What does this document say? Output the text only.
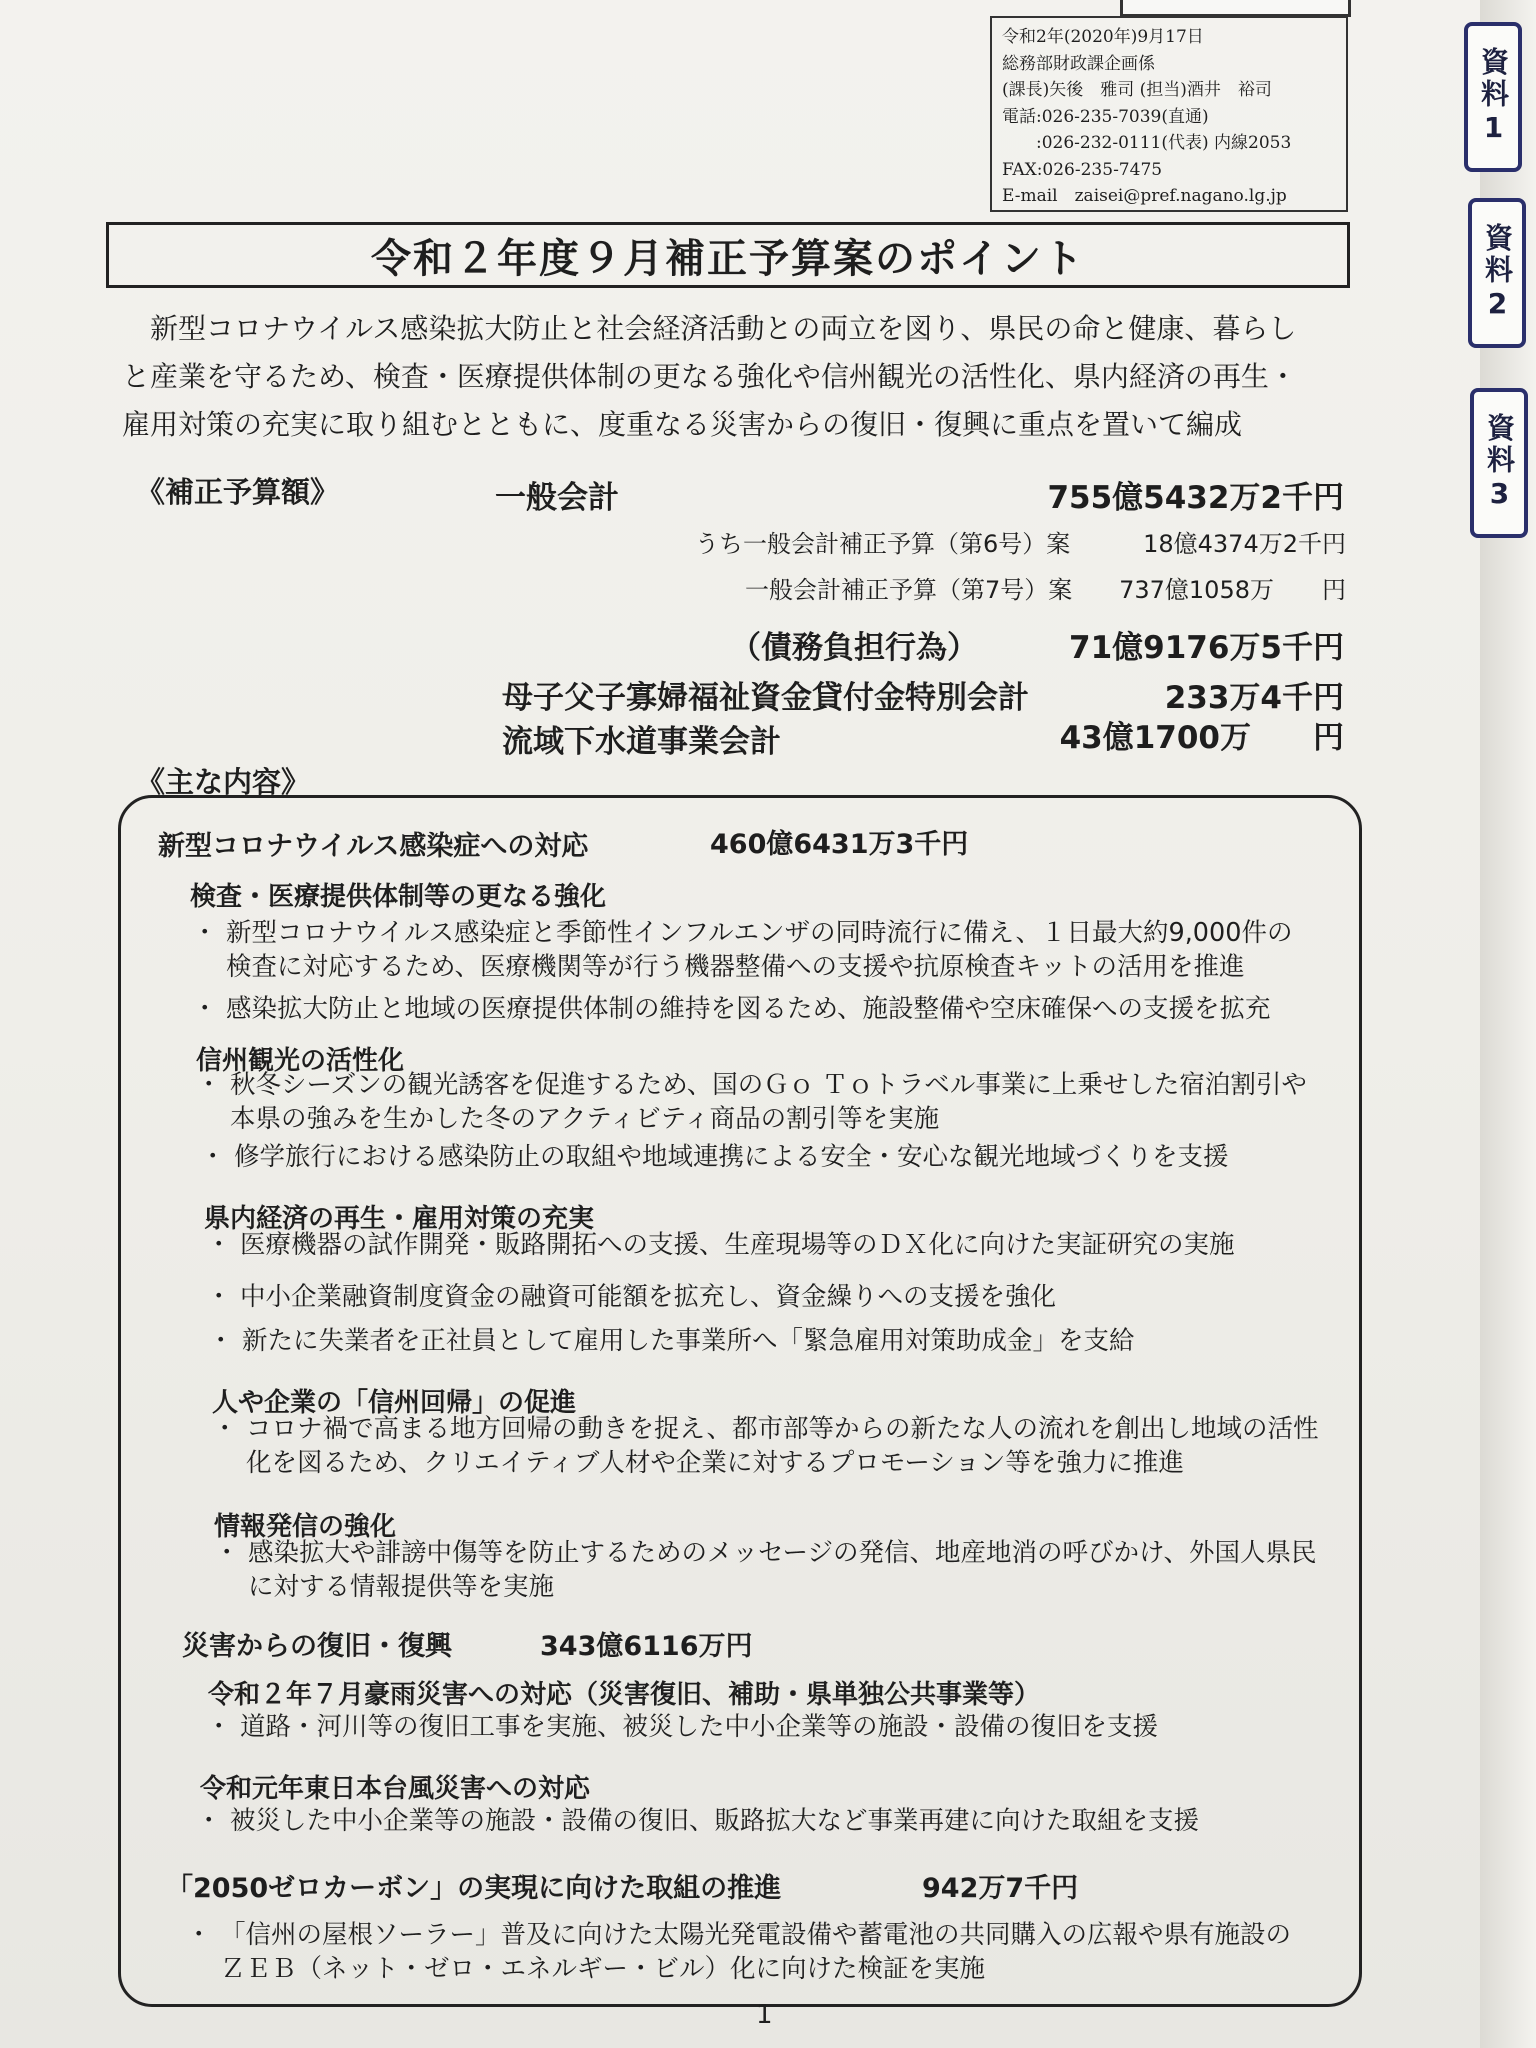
資料1
資料2
資料3
令和2年(2020年)9月17日
総務部財政課企画係
(課長)矢後　雅司 (担当)酒井　裕司
電話:026-235-7039(直通)
　　:026-232-0111(代表) 内線2053
FAX:026-235-7475
E-mail　zaisei@pref.nagano.lg.jp
令和２年度９月補正予算案のポイント

新型コロナウイルス感染拡大防止と社会経済活動との両立を図り、県民の命と健康、暮らし

と産業を守るため、検査・医療提供体制の更なる強化や信州観光の活性化、県内経済の再生・

雇用対策の充実に取り組むとともに、度重なる災害からの復旧・復興に重点を置いて編成

《補正予算額》	一般会計	755億5432万2千円
うち一般会計補正予算（第6号）案	18億4374万2千円
一般会計補正予算（第7号）案	737億1058万　　円
（債務負担行為）	71億9176万5千円
母子父子寡婦福祉資金貸付金特別会計	233万4千円
流域下水道事業会計	43億1700万　　円
《主な内容》
新型コロナウイルス感染症への対応	460億6431万3千円
検査・医療提供体制等の更なる強化
・ 新型コロナウイルス感染症と季節性インフルエンザの同時流行に備え、１日最大約9,000件の
検査に対応するため、医療機関等が行う機器整備への支援や抗原検査キットの活用を推進
・ 感染拡大防止と地域の医療提供体制の維持を図るため、施設整備や空床確保への支援を拡充
信州観光の活性化
・ 秋冬シーズンの観光誘客を促進するため、国のＧｏ Ｔｏトラベル事業に上乗せした宿泊割引や
本県の強みを生かした冬のアクティビティ商品の割引等を実施
・ 修学旅行における感染防止の取組や地域連携による安全・安心な観光地域づくりを支援
県内経済の再生・雇用対策の充実
・ 医療機器の試作開発・販路開拓への支援、生産現場等のＤＸ化に向けた実証研究の実施
・ 中小企業融資制度資金の融資可能額を拡充し、資金繰りへの支援を強化
・ 新たに失業者を正社員として雇用した事業所へ「緊急雇用対策助成金」を支給
人や企業の「信州回帰」の促進
・ コロナ禍で高まる地方回帰の動きを捉え、都市部等からの新たな人の流れを創出し地域の活性
化を図るため、クリエイティブ人材や企業に対するプロモーション等を強力に推進
情報発信の強化
・ 感染拡大や誹謗中傷等を防止するためのメッセージの発信、地産地消の呼びかけ、外国人県民
に対する情報提供等を実施
災害からの復旧・復興	343億6116万円
令和２年７月豪雨災害への対応（災害復旧、補助・県単独公共事業等）
・ 道路・河川等の復旧工事を実施、被災した中小企業等の施設・設備の復旧を支援
令和元年東日本台風災害への対応
・ 被災した中小企業等の施設・設備の復旧、販路拡大など事業再建に向けた取組を支援
「2050ゼロカーボン」の実現に向けた取組の推進	942万7千円
・ 「信州の屋根ソーラー」普及に向けた太陽光発電設備や蓄電池の共同購入の広報や県有施設の
ＺＥＢ（ネット・ゼロ・エネルギー・ビル）化に向けた検証を実施
1
